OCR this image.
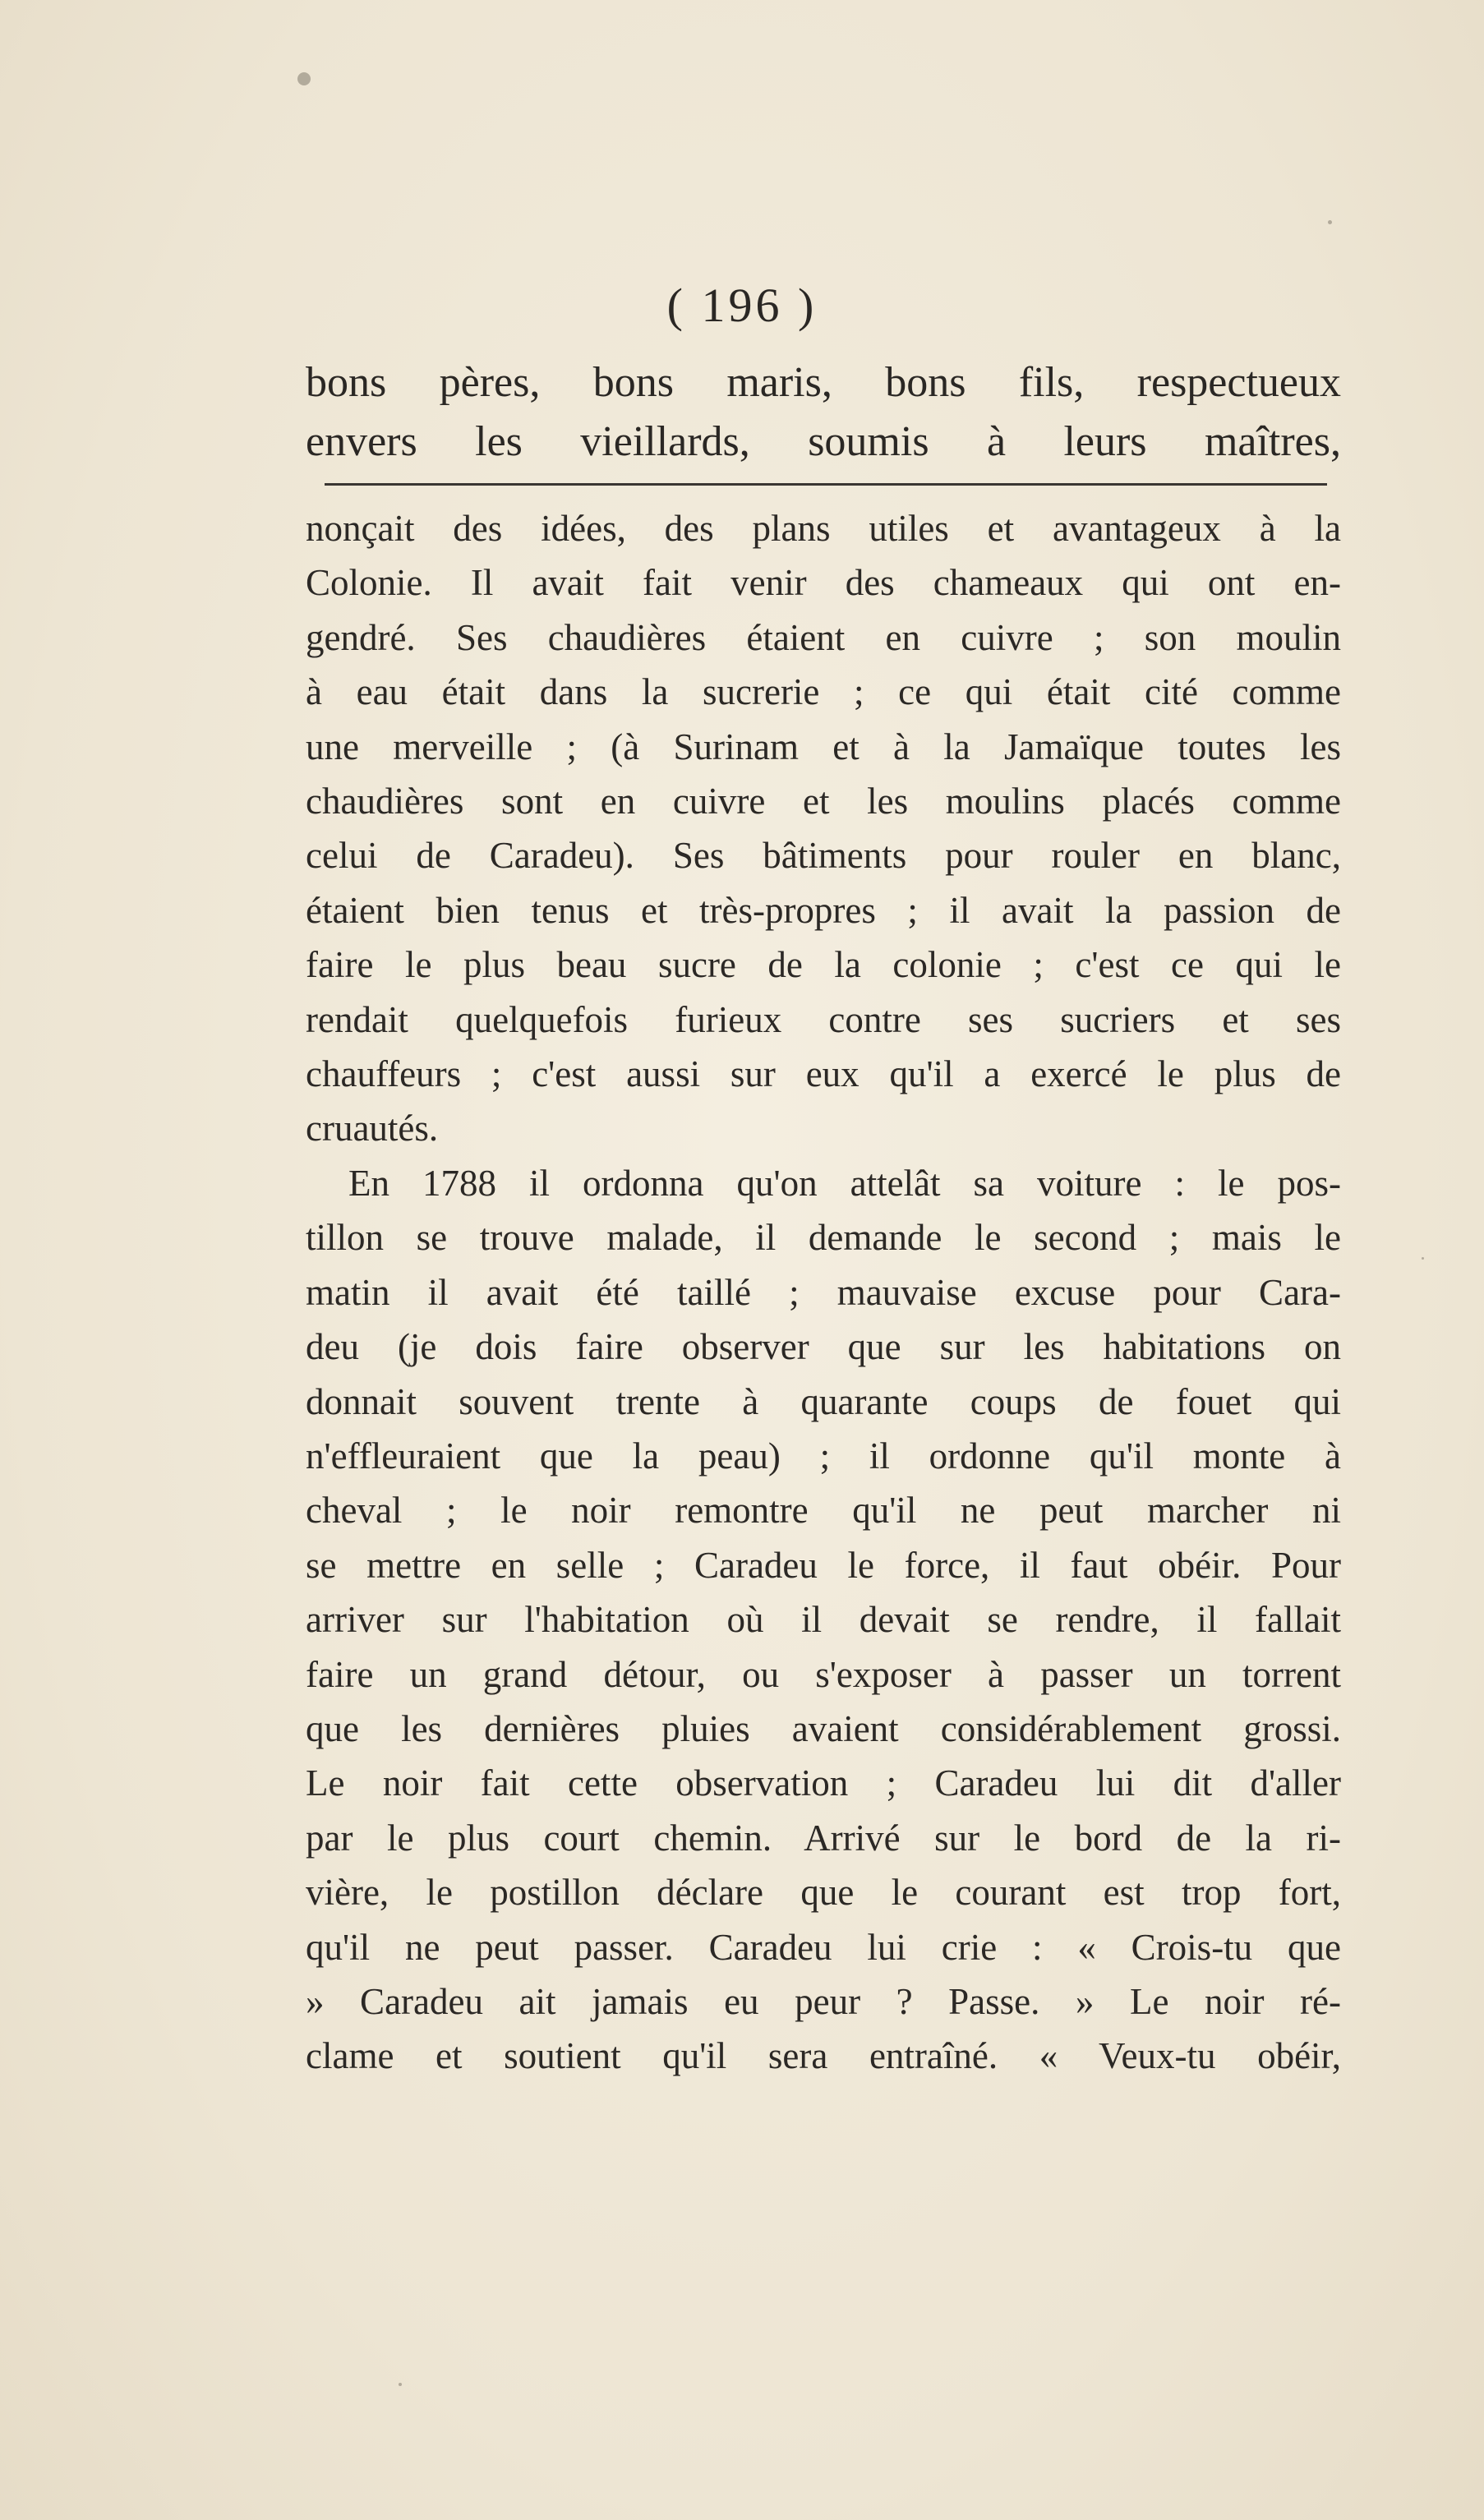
( 196 )
bons pères, bons maris, bons fils, respectueux
envers les vieillards, soumis à leurs maîtres,
nonçait des idées, des plans utiles et avantageux à la
Colonie. Il avait fait venir des chameaux qui ont en-
gendré. Ses chaudières étaient en cuivre ; son moulin
à eau était dans la sucrerie ; ce qui était cité comme
une merveille ; (à Surinam et à la Jamaïque toutes les
chaudières sont en cuivre et les moulins placés comme
celui de Caradeu). Ses bâtiments pour rouler en blanc,
étaient bien tenus et très-propres ; il avait la passion de
faire le plus beau sucre de la colonie ; c'est ce qui le
rendait quelquefois furieux contre ses sucriers et ses
chauffeurs ; c'est aussi sur eux qu'il a exercé le plus de
cruautés.
En 1788 il ordonna qu'on attelât sa voiture : le pos-
tillon se trouve malade, il demande le second ; mais le
matin il avait été taillé ; mauvaise excuse pour Cara-
deu (je dois faire observer que sur les habitations on
donnait souvent trente à quarante coups de fouet qui
n'effleuraient que la peau) ; il ordonne qu'il monte à
cheval ; le noir remontre qu'il ne peut marcher ni
se mettre en selle ; Caradeu le force, il faut obéir. Pour
arriver sur l'habitation où il devait se rendre, il fallait
faire un grand détour, ou s'exposer à passer un torrent
que les dernières pluies avaient considérablement grossi.
Le noir fait cette observation ; Caradeu lui dit d'aller
par le plus court chemin. Arrivé sur le bord de la ri-
vière, le postillon déclare que le courant est trop fort,
qu'il ne peut passer. Caradeu lui crie : « Crois-tu que
» Caradeu ait jamais eu peur ? Passe. » Le noir ré-
clame et soutient qu'il sera entraîné. « Veux-tu obéir,
